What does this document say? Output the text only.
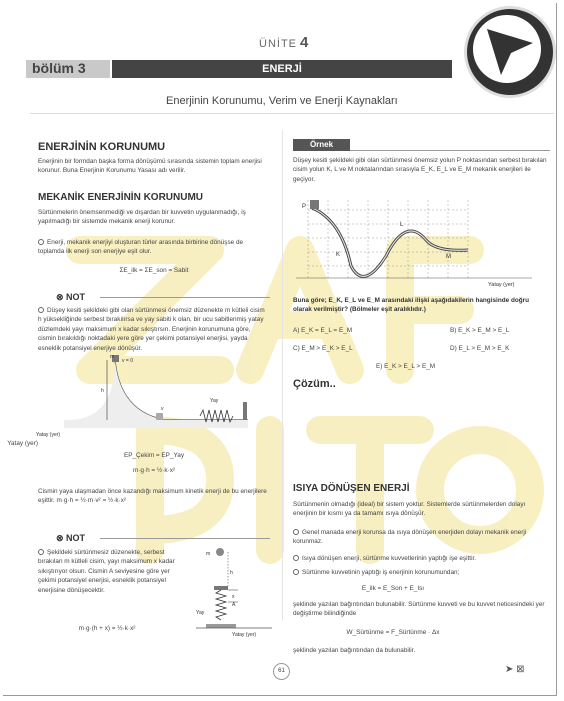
ÜNİTE 4
bölüm 3	ENERJİ
Enerjinin Korunumu, Verim ve Enerji Kaynakları
ENERJİNİN KORUNUMU
Enerjinin bir formdan başka forma dönüşümü sırasında sistemin toplam enerjisi korunur. Buna Enerjinin Korunumu Yasası adı verilir.
MEKANİK ENERJİNİN KORUNUMU
Sürtünmelerin önemsenmediği ve dışardan bir kuvvetin uygulanmadığı, iş yapılmadığı bir sistemde mekanik enerji korunur.
Enerji, mekanik enerjiyi oluşturan türler arasında birbirine dönüşse de toplamda ilk enerji son enerjiye eşit olur.
ΣE_ilk = ΣE_son = Sabit
⊗ NOT
Düşey kesiti şekildeki gibi olan sürtünmesi önemsiz düzenekte m kütleli cisim h yüksekliğinde serbest bırakılırsa ve yay sabiti k olan, bir ucu sabitlenmiş yatay düzlemdeki yayı maksimum x kadar sıkıştırsın. Enerjinin korunumuna göre, cismin bırakıldığı noktadaki yere göre yer çekimi potansiyel enerjisi, yayda esneklik potansiyel enerjiye dönüşür.
v = 0
m
h
v
Yay
Yatay (yer)
Yatay (yer)
EP_Çekim = EP_Yay
m·g·h = ½·k·x²
Cismin yaya ulaşmadan önce kazandığı maksimum kinetik enerji de bu enerjilere eşittir. m·g·h = ½·m·v² = ½·k·x²
⊗ NOT
Şekildeki sürtünmesiz düzenekte, serbest bırakılan m kütleli cisim, yayı maksimum x kadar sıkıştırıyor olsun. Cismin A seviyesine göre yer çekimi potansiyel enerjisi, esneklik potansiyel enerjisine dönüşecektir.
m·g·(h + x) = ½·k·x²
m
h
x
A
Yay
Yatay (yer)
Örnek
Düşey kesiti şekildeki gibi olan sürtünmesi önemsiz yolun P noktasından serbest bırakılan cisim yolun K, L ve M noktalarından sırasıyla E_K, E_L ve E_M mekanik enerjileri ile geçiyor.
P
K
L
M
Yatay (yer)
Buna göre; E_K, E_L ve E_M arasındaki ilişki aşağıdakilerin hangisinde doğru olarak verilmiştir? (Bölmeler eşit aralıklıdır.)
A) E_K = E_L = E_M	B) E_K > E_M > E_L
C) E_M > E_K > E_L	D) E_L > E_M > E_K
E) E_K > E_L > E_M
Çözüm..
ISIYA DÖNÜŞEN ENERJİ
Sürtünmenin olmadığı (ideal) bir sistem yoktur. Sistemlerde sürtünmelerden dolayı enerjinin bir kısmı ya da tamamı ısıya dönüşür.
Genel manada enerji korunsa da ısıya dönüşen enerjiden dolayı mekanik enerji korunmaz.
Isıya dönüşen enerji, sürtünme kuvvetlerinin yaptığı işe eşittir.
Sürtünme kuvvetinin yaptığı iş enerjinin korunumundan;
E_ilk = E_Son + E_Isı
şeklinde yazılan bağıntından bulunabilir. Sürtünme kuvveti ve bu kuvvet neticesindeki yer değiştirme bilindiğinde
W_Sürtünme = F_Sürtünme · Δx
şeklinde yazılan bağıntından da bulunabilir.
61	➤ ⊠
